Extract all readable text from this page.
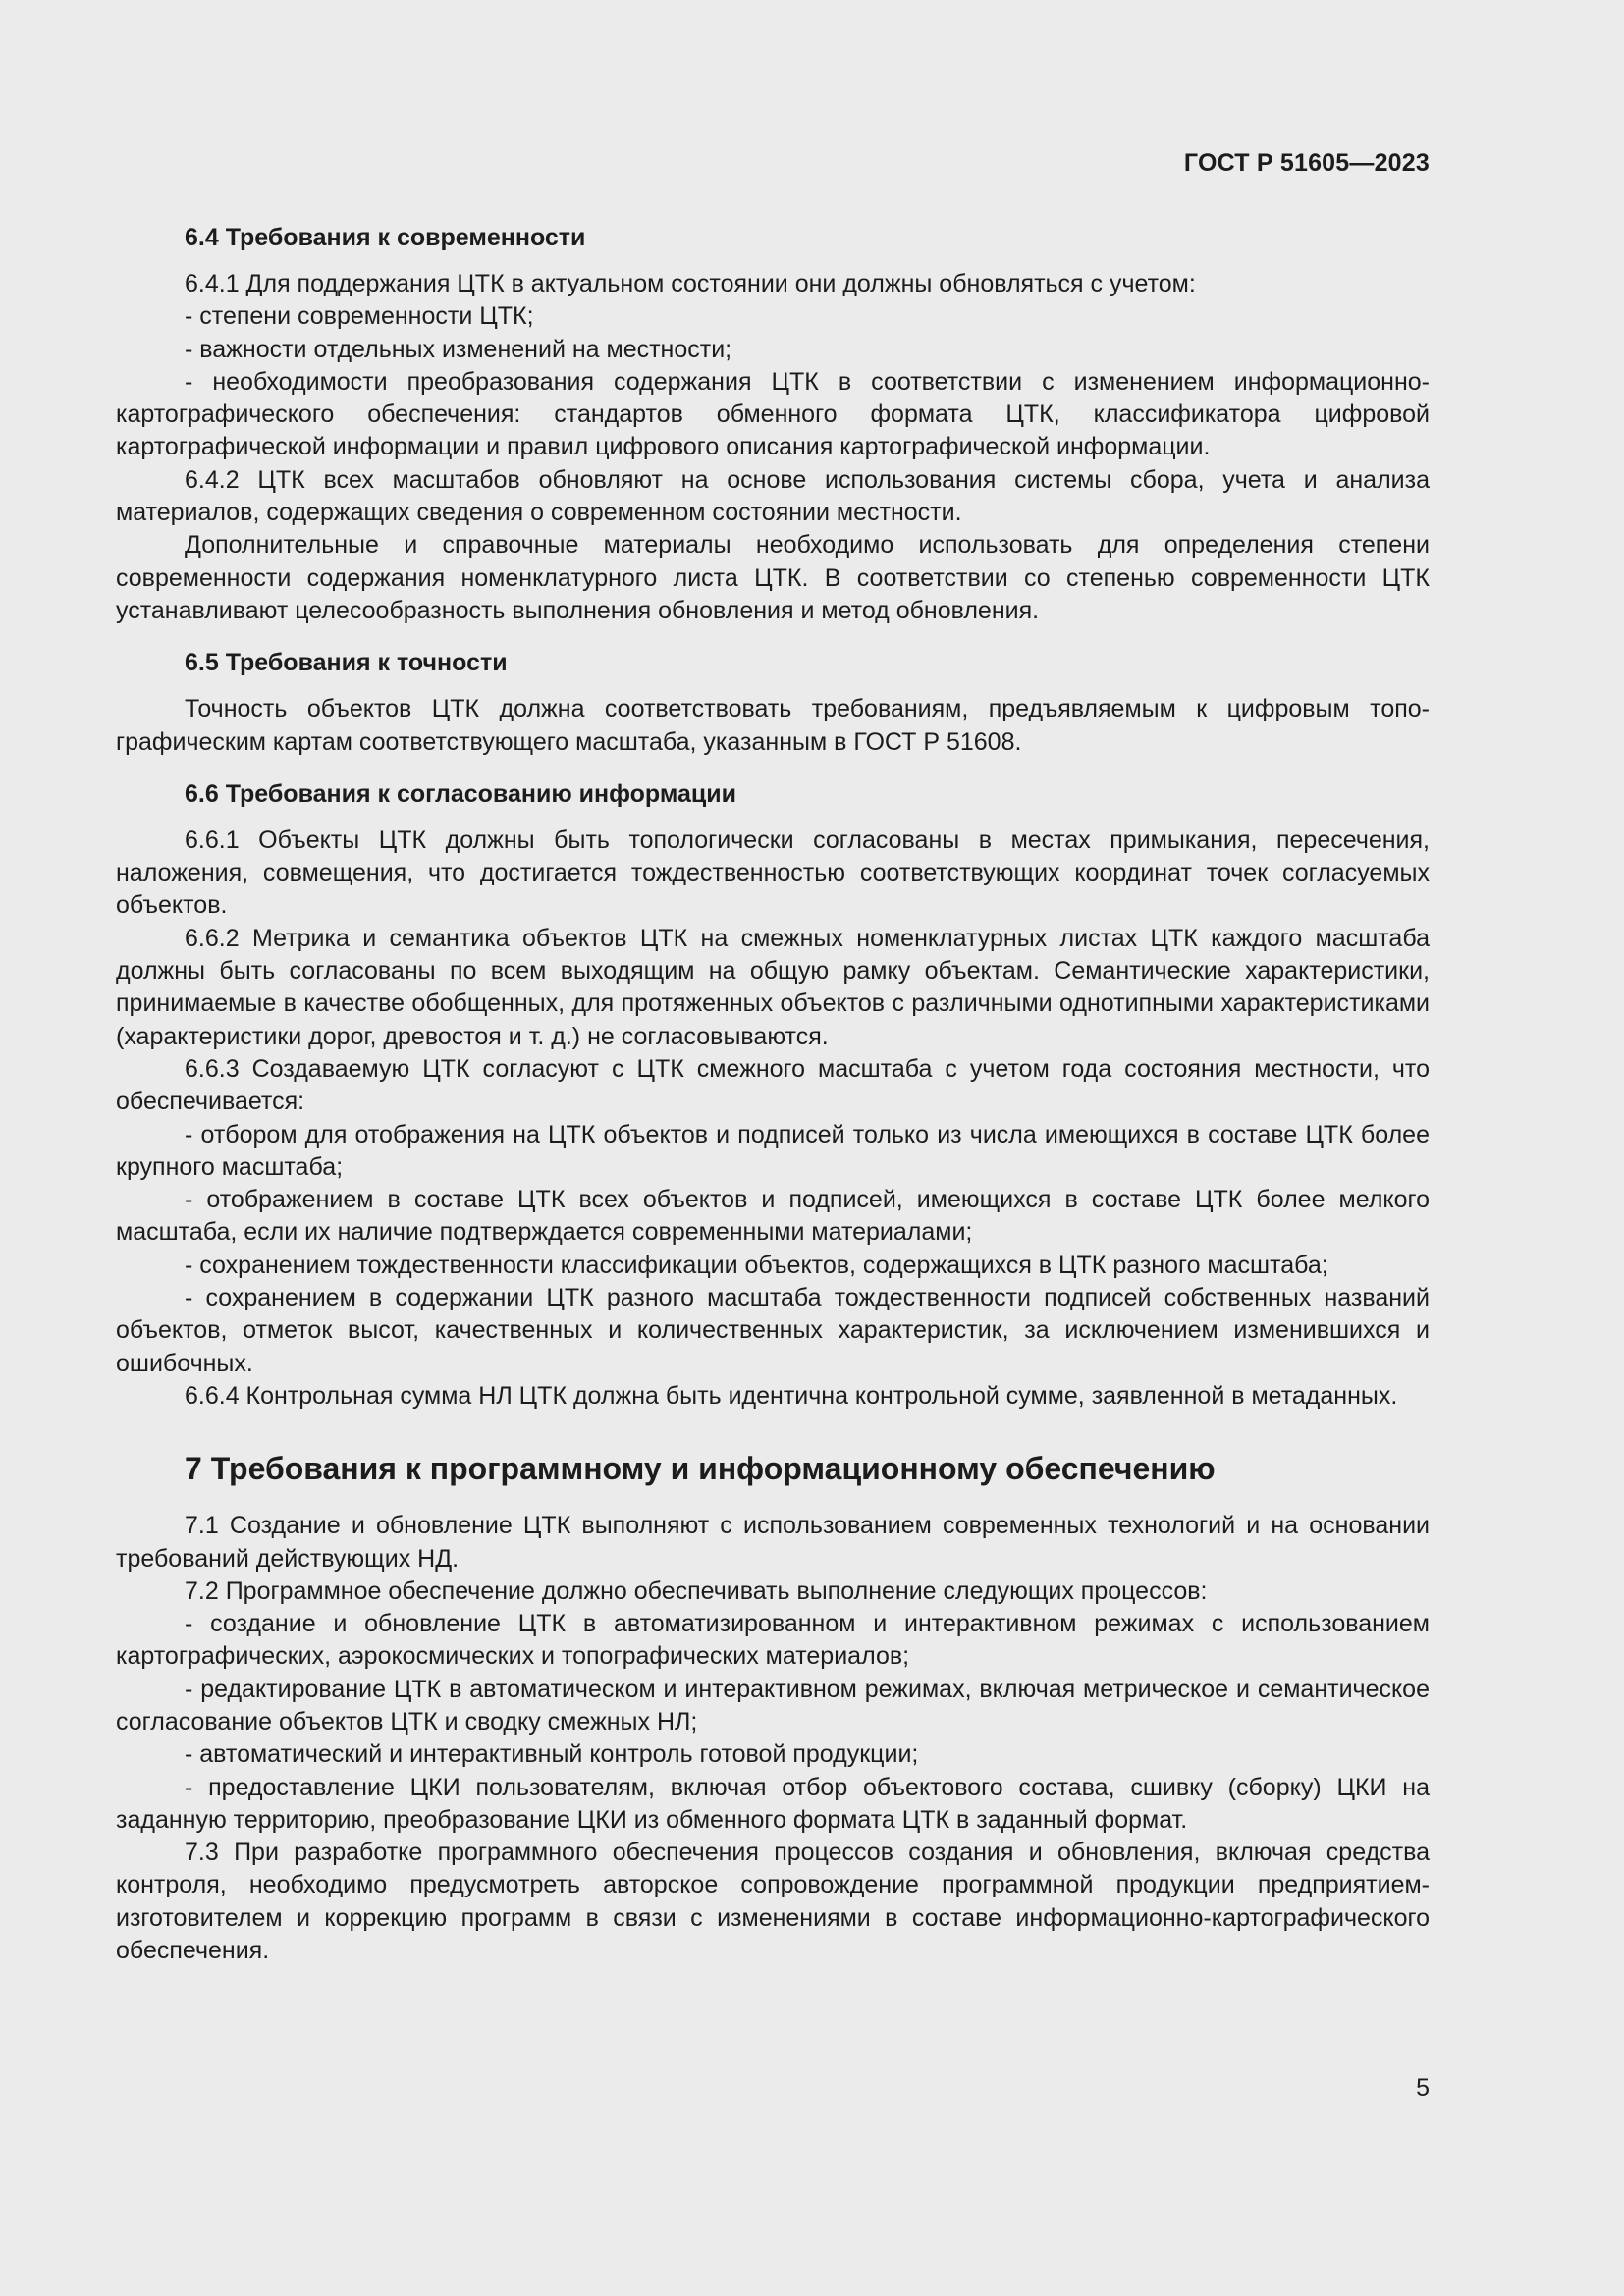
ГОСТ Р 51605—2023
6.4 Требования к современности

6.4.1 Для поддержания ЦТК в актуальном состоянии они должны обновляться с учетом:

- степени современности ЦТК;

- важности отдельных изменений на местности;

- необходимости преобразования содержания ЦТК в соответствии с изменением информационно-картографического обеспечения: стандартов обменного формата ЦТК, классификатора цифровой картографической информации и правил цифрового описания картографической информации.

6.4.2 ЦТК всех масштабов обновляют на основе использования системы сбора, учета и анализа материалов, содержащих сведения о современном состоянии местности.

Дополнительные и справочные материалы необходимо использовать для определения степени современности содержания номенклатурного листа ЦТК. В соответствии со степенью современности ЦТК устанавливают целесообразность выполнения обновления и метод обновления.

6.5 Требования к точности

Точность объектов ЦТК должна соответствовать требованиям, предъявляемым к цифровым топографическим картам соответствующего масштаба, указанным в ГОСТ Р 51608.

6.6 Требования к согласованию информации

6.6.1 Объекты ЦТК должны быть топологически согласованы в местах примыкания, пересечения, наложения, совмещения, что достигается тождественностью соответствующих координат точек согласуемых объектов.

6.6.2 Метрика и семантика объектов ЦТК на смежных номенклатурных листах ЦТК каждого масштаба должны быть согласованы по всем выходящим на общую рамку объектам. Семантические характеристики, принимаемые в качестве обобщенных, для протяженных объектов с различными однотипными характеристиками (характеристики дорог, древостоя и т. д.) не согласовываются.

6.6.3 Создаваемую ЦТК согласуют с ЦТК смежного масштаба с учетом года состояния местности, что обеспечивается:

- отбором для отображения на ЦТК объектов и подписей только из числа имеющихся в составе ЦТК более крупного масштаба;

- отображением в составе ЦТК всех объектов и подписей, имеющихся в составе ЦТК более мелкого масштаба, если их наличие подтверждается современными материалами;

- сохранением тождественности классификации объектов, содержащихся в ЦТК разного масштаба;

- сохранением в содержании ЦТК разного масштаба тождественности подписей собственных названий объектов, отметок высот, качественных и количественных характеристик, за исключением изменившихся и ошибочных.

6.6.4 Контрольная сумма НЛ ЦТК должна быть идентична контрольной сумме, заявленной в метаданных.

7 Требования к программному и информационному обеспечению

7.1 Создание и обновление ЦТК выполняют с использованием современных технологий и на основании требований действующих НД.

7.2 Программное обеспечение должно обеспечивать выполнение следующих процессов:

- создание и обновление ЦТК в автоматизированном и интерактивном режимах с использованием картографических, аэрокосмических и топографических материалов;

- редактирование ЦТК в автоматическом и интерактивном режимах, включая метрическое и семантическое согласование объектов ЦТК и сводку смежных НЛ;

- автоматический и интерактивный контроль готовой продукции;

- предоставление ЦКИ пользователям, включая отбор объектового состава, сшивку (сборку) ЦКИ на заданную территорию, преобразование ЦКИ из обменного формата ЦТК в заданный формат.

7.3 При разработке программного обеспечения процессов создания и обновления, включая средства контроля, необходимо предусмотреть авторское сопровождение программной продукции предприятием-изготовителем и коррекцию программ в связи с изменениями в составе информационно-картографического обеспечения.

5
